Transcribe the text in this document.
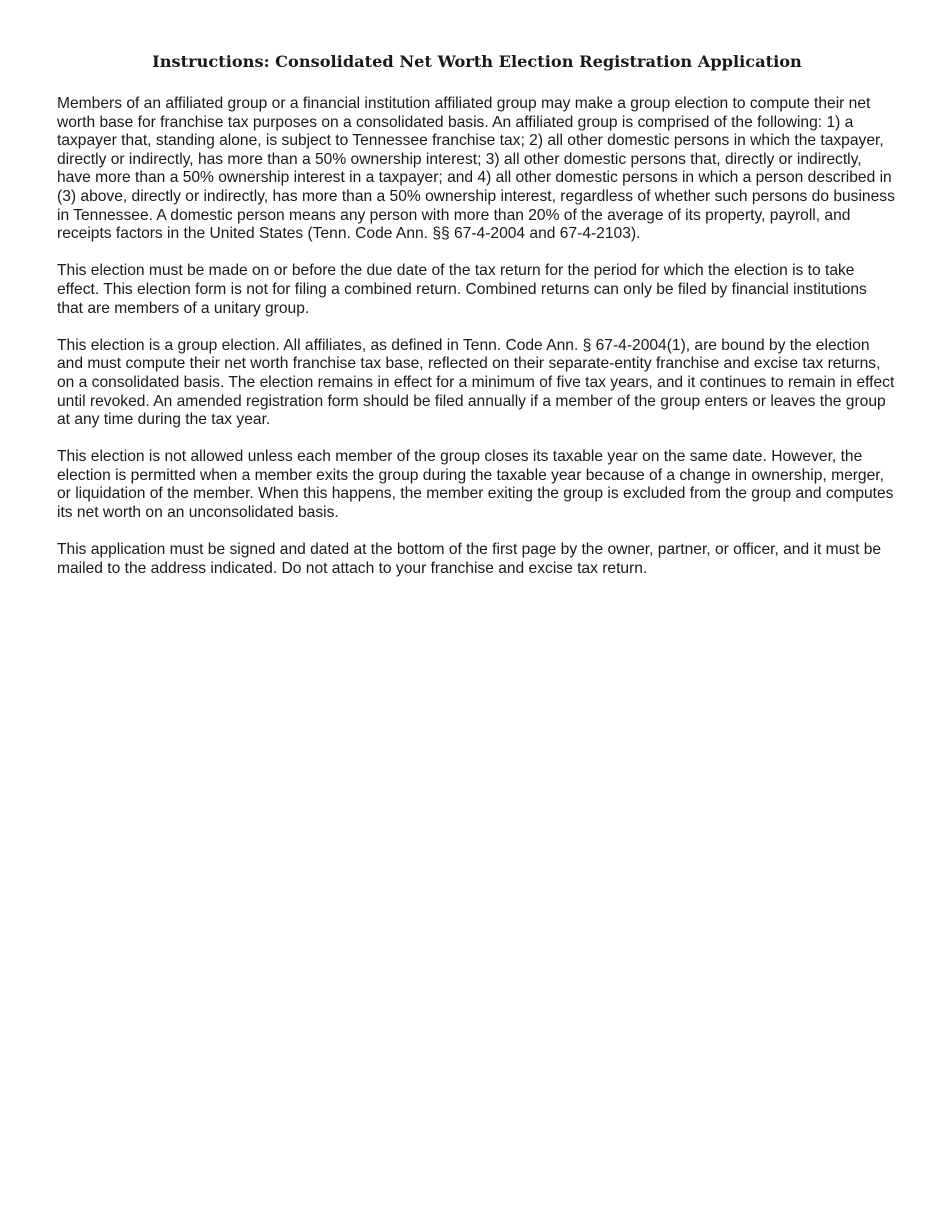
Instructions: Consolidated Net Worth Election Registration Application

Members of an affiliated group or a financial institution affiliated group may make a group election to compute their net worth base for franchise tax purposes on a consolidated basis. An affiliated group is comprised of the following: 1) a taxpayer that, standing alone, is subject to Tennessee franchise tax; 2) all other domestic persons in which the taxpayer, directly or indirectly, has more than a 50% ownership interest; 3) all other domestic persons that, directly or indirectly, have more than a 50% ownership interest in a taxpayer; and 4) all other domestic persons in which a person described in (3) above, directly or indirectly, has more than a 50% ownership interest, regardless of whether such persons do business in Tennessee. A domestic person means any person with more than 20% of the average of its property, payroll, and receipts factors in the United States (Tenn. Code Ann. §§ 67-4-2004 and 67-4-2103).

This election must be made on or before the due date of the tax return for the period for which the election is to take effect. This election form is not for filing a combined return. Combined returns can only be filed by financial institutions that are members of a unitary group.

This election is a group election. All affiliates, as defined in Tenn. Code Ann. § 67-4-2004(1), are bound by the election and must compute their net worth franchise tax base, reflected on their separate-entity franchise and excise tax returns, on a consolidated basis. The election remains in effect for a minimum of five tax years, and it continues to remain in effect until revoked. An amended registration form should be filed annually if a member of the group enters or leaves the group at any time during the tax year.

This election is not allowed unless each member of the group closes its taxable year on the same date. However, the election is permitted when a member exits the group during the taxable year because of a change in ownership, merger, or liquidation of the member. When this happens, the member exiting the group is excluded from the group and computes its net worth on an unconsolidated basis.

This application must be signed and dated at the bottom of the first page by the owner, partner, or officer, and it must be mailed to the address indicated. Do not attach to your franchise and excise tax return.
